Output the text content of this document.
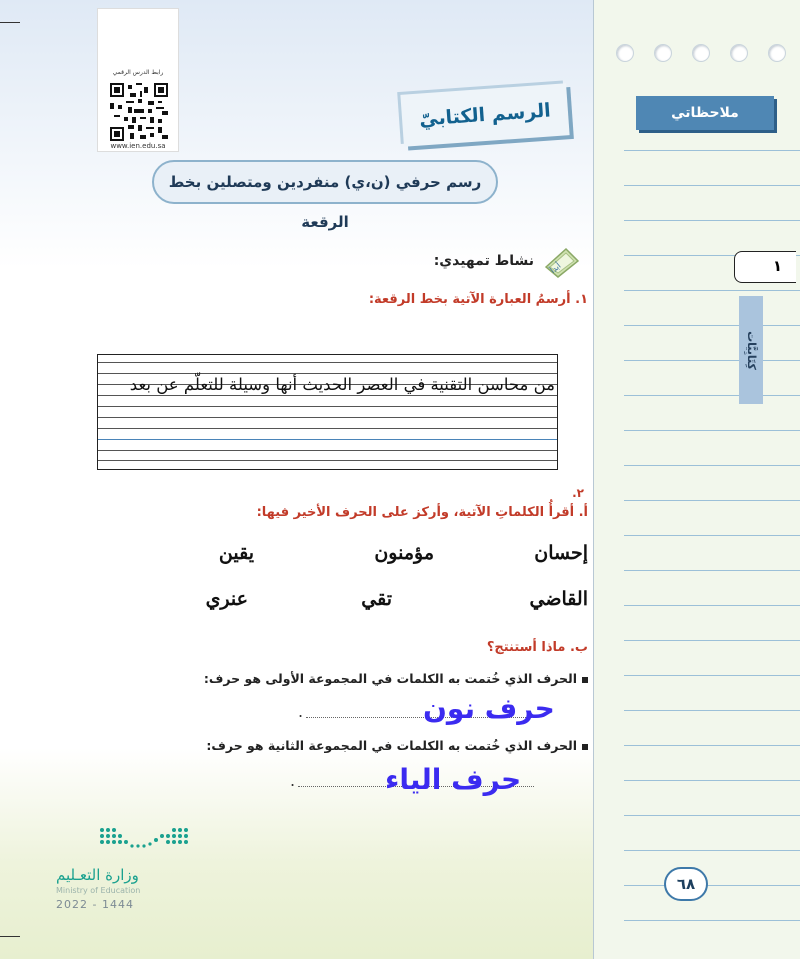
رابط الدرس الرقمي
www.ien.edu.sa
الرسم الكتابيّ
رسم حرفي (ن،ي) منفردين ومتصلين بخط الرقعة
أبدأ
نشاط تمهيدي:
١. أرسمُ العبارة الآتية بخط الرقعة:
من محاسن التقنية في العصر الحديث أنها وسيلة للتعلّم عن بعد
٢.
أ. أقرأُ الكلماتِ الآتية، وأركز على الحرف الأخير فيها:
إحسان
مؤمنون
يقين
القاضي
تقي
عنري
ب. ماذا أستنتج؟
الحرف الذي خُتمت به الكلمات في المجموعة الأولى هو حرف:
.	حرف نون
الحرف الذي خُتمت به الكلمات في المجموعة الثانية هو حرف:
.	حرف الياء
وزارة التعـليم
Ministry of Education
2022 - 1444
ملاحظاتي
١
كِتَابِيَّات
٦٨
